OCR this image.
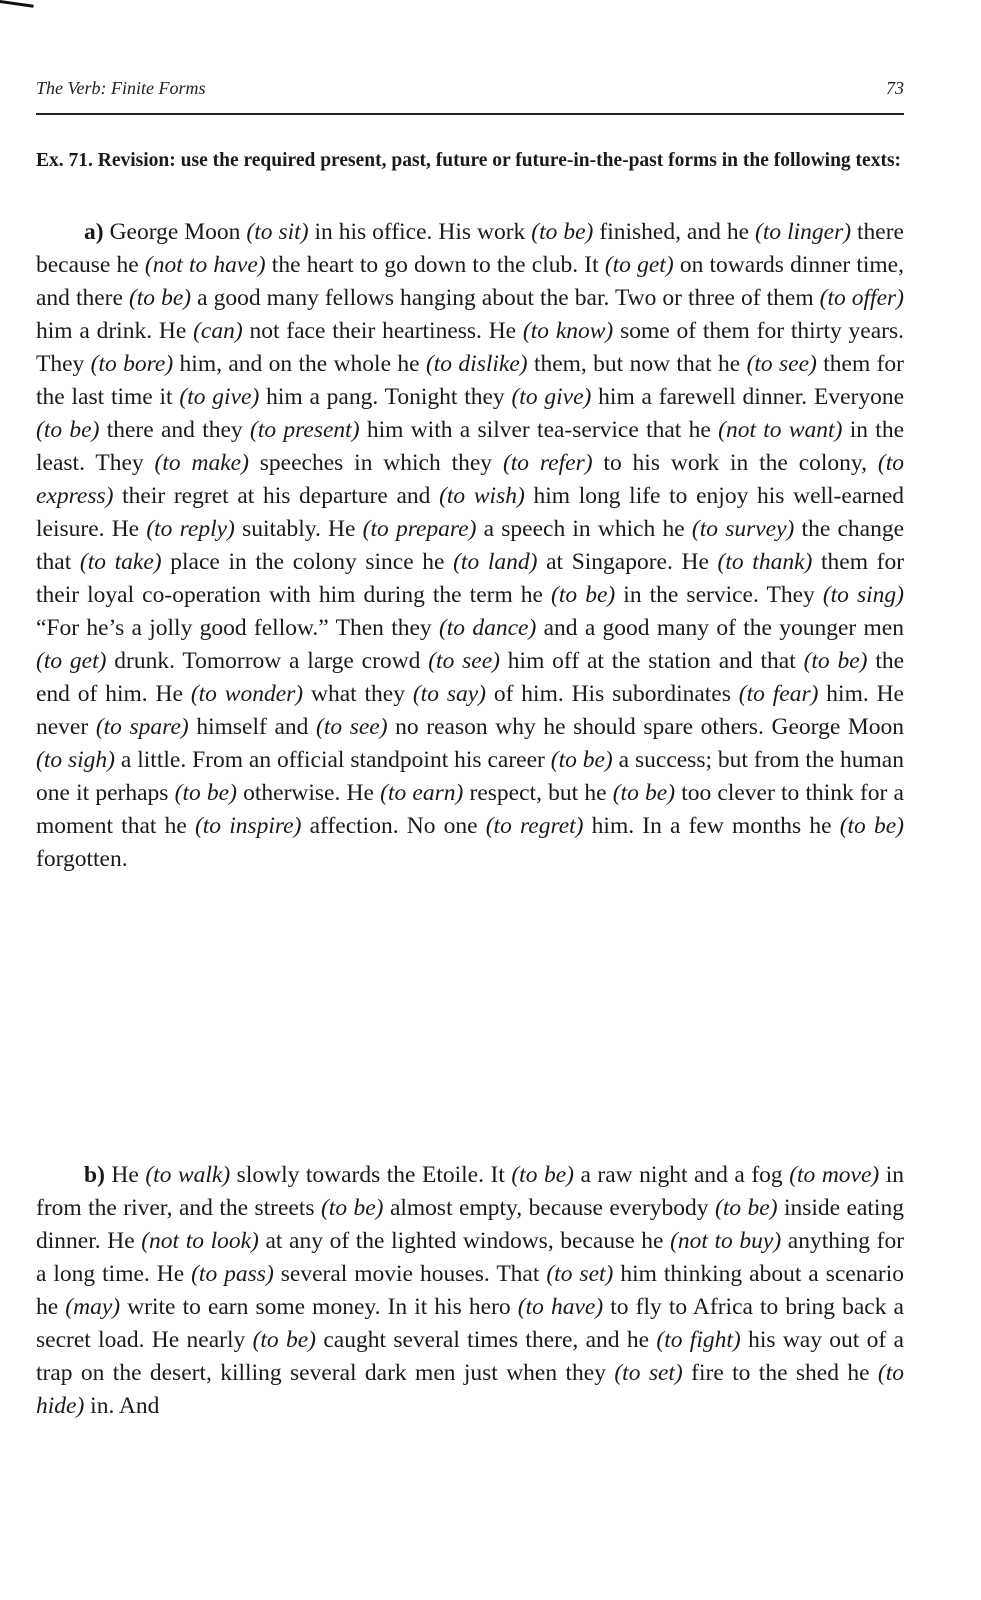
The Verb: Finite Forms	73

Ex. 71. Revision: use the required present, past, future or future-in-the-past forms in the following texts:

a) George Moon (to sit) in his office. His work (to be) finished, and he (to linger) there because he (not to have) the heart to go down to the club. It (to get) on towards dinner time, and there (to be) a good many fellows hanging about the bar. Two or three of them (to offer) him a drink. He (can) not face their heartiness. He (to know) some of them for thirty years. They (to bore) him, and on the whole he (to dislike) them, but now that he (to see) them for the last time it (to give) him a pang. Tonight they (to give) him a farewell dinner. Everyone (to be) there and they (to present) him with a silver tea-service that he (not to want) in the least. They (to make) speeches in which they (to refer) to his work in the colony, (to express) their regret at his departure and (to wish) him long life to enjoy his well-earned leisure. He (to reply) suitably. He (to prepare) a speech in which he (to survey) the change that (to take) place in the colony since he (to land) at Singapore. He (to thank) them for their loyal co-operation with him during the term he (to be) in the service. They (to sing) “For he’s a jolly good fellow.” Then they (to dance) and a good many of the younger men (to get) drunk. Tomorrow a large crowd (to see) him off at the station and that (to be) the end of him. He (to wonder) what they (to say) of him. His subordinates (to fear) him. He never (to spare) himself and (to see) no reason why he should spare others. George Moon (to sigh) a little. From an official standpoint his career (to be) a success; but from the human one it perhaps (to be) otherwise. He (to earn) respect, but he (to be) too clever to think for a moment that he (to inspire) affection. No one (to regret) him. In a few months he (to be) forgotten.

b) He (to walk) slowly towards the Etoile. It (to be) a raw night and a fog (to move) in from the river, and the streets (to be) almost empty, because everybody (to be) inside eating dinner. He (not to look) at any of the lighted windows, because he (not to buy) anything for a long time. He (to pass) several movie houses. That (to set) him thinking about a scenario he (may) write to earn some money. In it his hero (to have) to fly to Africa to bring back a secret load. He nearly (to be) caught several times there, and he (to fight) his way out of a trap on the desert, killing several dark men just when they (to set) fire to the shed he (to hide) in. And
